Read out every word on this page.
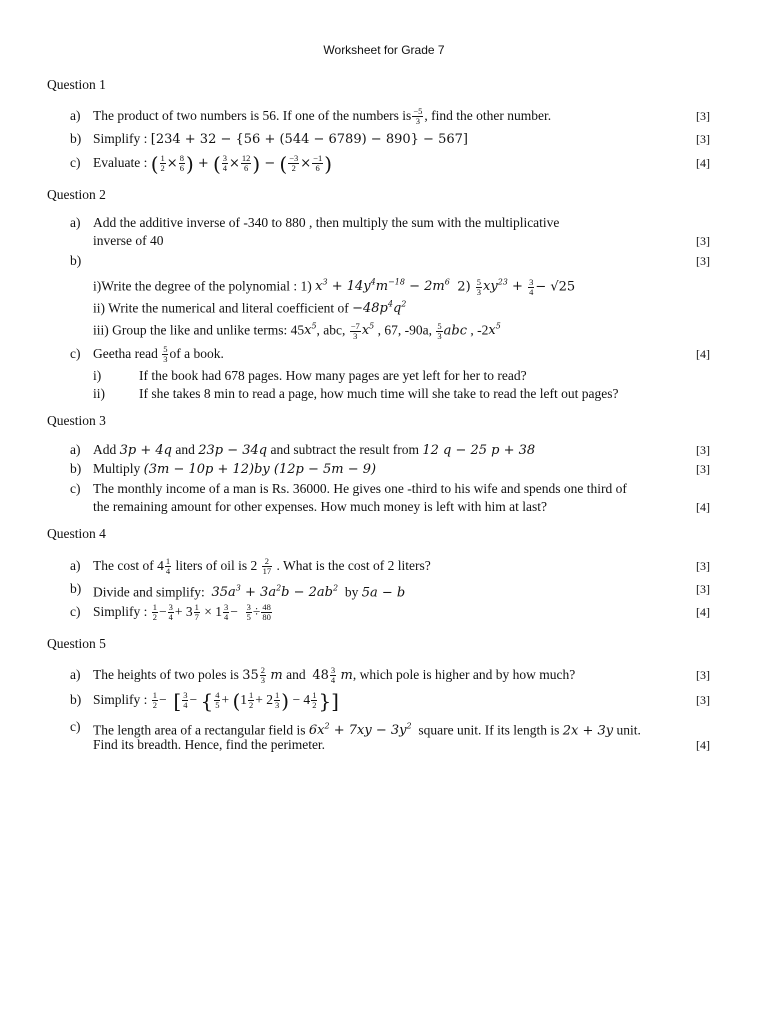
Worksheet for Grade 7
Question 1
a) The product of two numbers is 56. If one of the numbers is $\frac{-5}{3}$ , find the other number.	[3]
b) Simplify : [234 + 32 − {56 + (544 − 6789) − 890} − 567]	[3]
c) Evaluate : ( $\frac{1}{2} \times \frac{8}{6}$ ) + ( $\frac{3}{4} \times \frac{12}{6}$ ) − ( $\frac{-3}{2} \times \frac{-1}{6}$ )	[4]
Question 2
a) Add the additive inverse of -340 to 880 , then multiply the sum with the multiplicative
inverse of 40	[3]
b)	[3]
i)Write the degree of the polynomial : 1) $x^3 + 14y^4m^{-18} - 2m^6$  $2) \frac{5}{3} xy^{23} + \frac{3}{4} - √25$
ii) Write the numerical and literal coefficient of $-48p^4q^2$
iii) Group the like and unlike terms: $45x^5$, abc, $\frac{-7}{3} x^5$ , 67, -90a, $\frac{5}{3}$ abc , $-2x^5$
c) Geetha read $\frac{5}{3}$ of a book.	[4]
i)	If the book had 678 pages. How many pages are yet left for her to read?
ii)	If she takes 8 min to read a page, how much time will she take to read the left out pages?
Question 3
a) Add 3p + 4q and 23p − 34q and subtract the result from 12 q − 25 p + 38	[3]
b) Multiply (3m − 10p + 12)by (12p − 5m − 9)	[3]
c) The monthly income of a man is Rs. 36000. He gives one -third to his wife and spends one third of
the remaining amount for other expenses. How much money is left with him at last?	[4]
Question 4
a) The cost of $4 \frac{1}{4}$ liters of oil is $2 \frac{2}{17}$ . What is the cost of 2 liters?	[3]
b) Divide and simplify: $35a^3 + 3a^2b - 2ab^2$ by 5a − b	[3]
c) Simplify : $\frac{1}{2} - \frac{3}{4} + 3 \frac{1}{7} \times 1 \frac{3}{4} - \frac{3}{5} \div \frac{48}{80}$	[4]
Question 5
a) The heights of two poles is $35 \frac{2}{3}$ m and $48 \frac{3}{4} m$, which pole is higher and by how much?	[3]
b) Simplify : $\frac{1}{2}$ −  [ $\frac{3}{4}$ − { $\frac{4}{5} + (1 \frac{1}{2} + 2 \frac{1}{3}$ ) − $4 \frac{1}{2}$ }]	[3]
c) The length area of a rectangular field is $6x^2 + 7xy - 3y^2$ square unit. If its length is 2x + 3y unit.
Find its breadth. Hence, find the perimeter.	[4]
